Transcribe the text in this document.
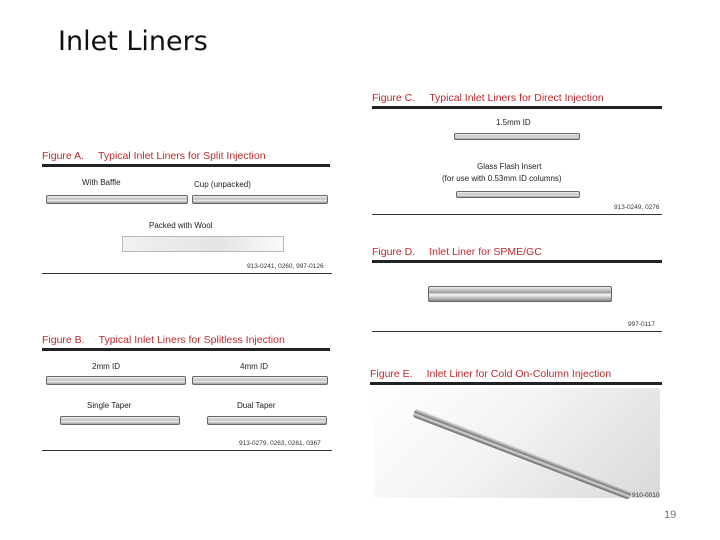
Inlet Liners
Figure A. Typical Inlet Liners for Split Injection
With Baffle	Cup (unpacked)
Packed with Wool
913-0241, 0260, 997-0126
Figure B. Typical Inlet Liners for Splitless Injection
2mm ID	4mm ID
Single Taper	Dual Taper
913-0279, 0263, 0261, 0367
Figure C. Typical Inlet Liners for Direct Injection
1.5mm ID
Glass Flash Insert
(for use with 0.53mm ID columns)
913-0249, 0276
Figure D. Inlet Liner for SPME/GC
997-0117
Figure E. Inlet Liner for Cold On-Column Injection
910-0010
19
